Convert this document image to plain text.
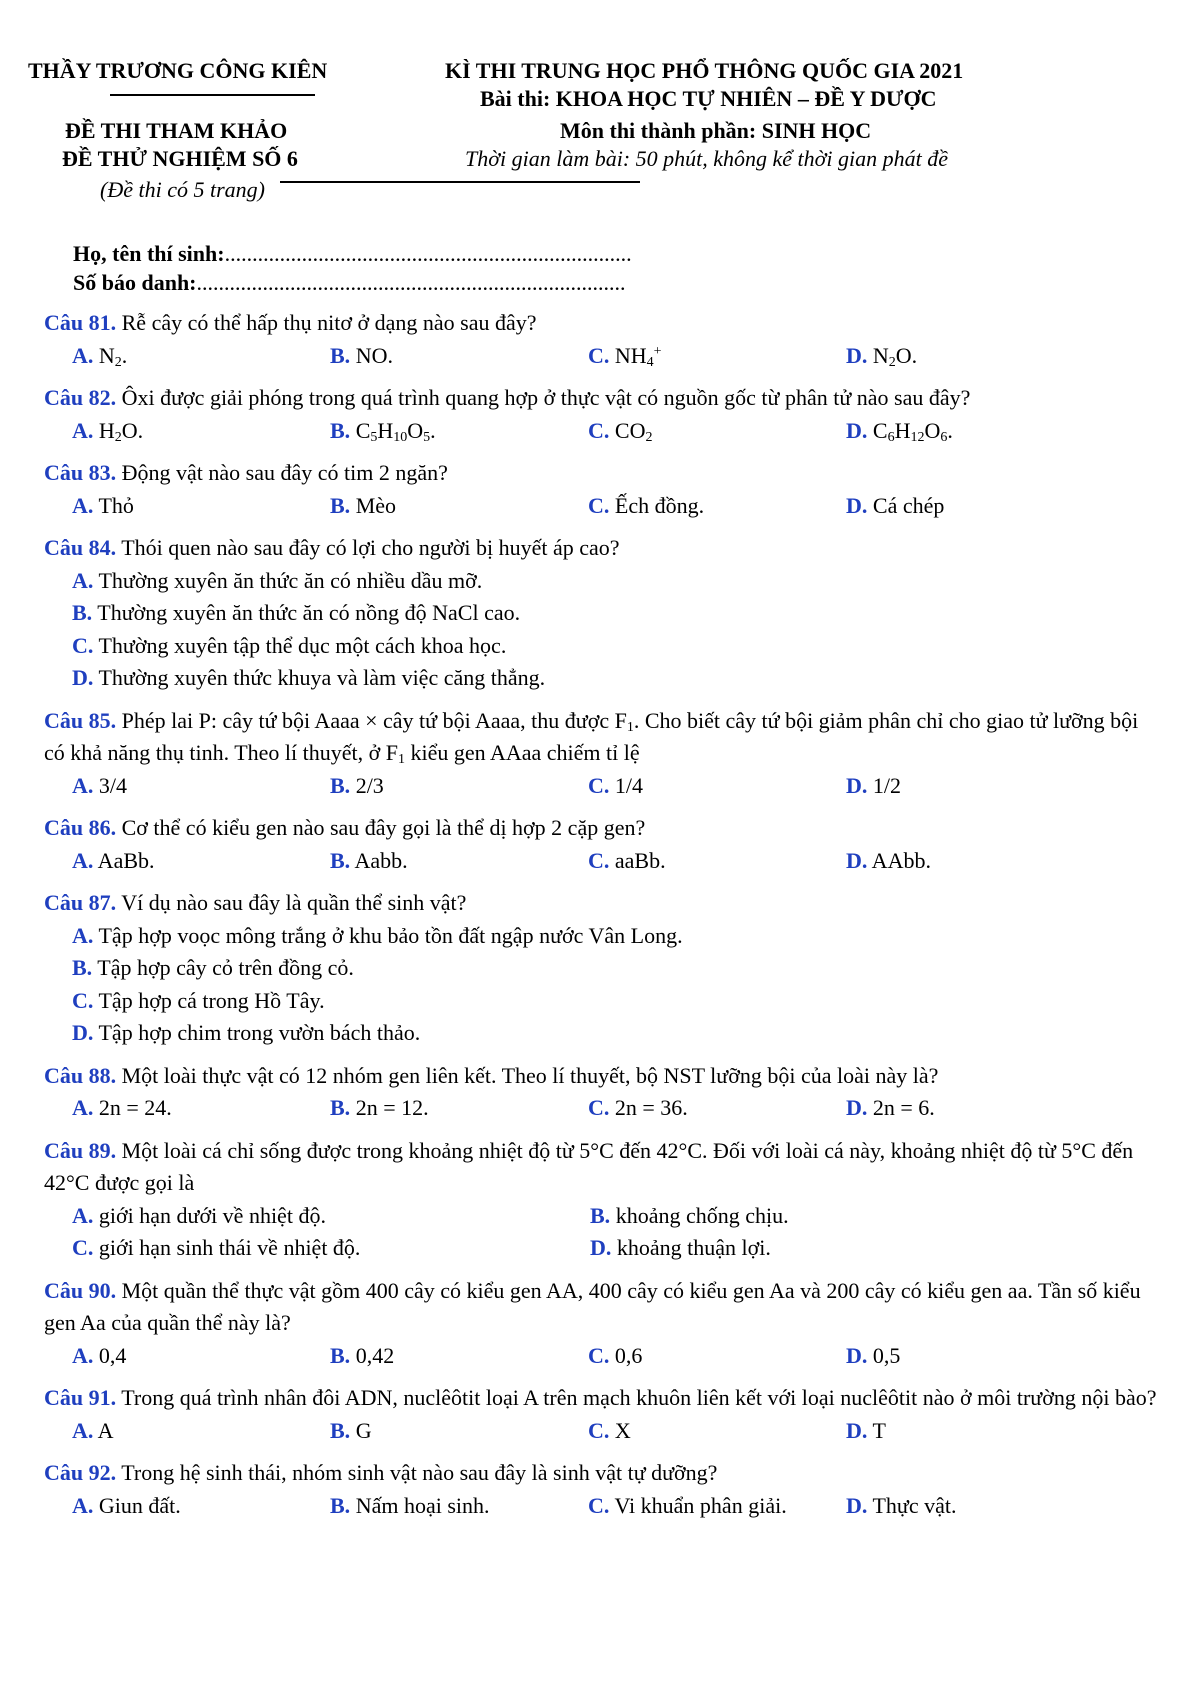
THẦY TRƯƠNG CÔNG KIÊN	KÌ THI TRUNG HỌC PHỔ THÔNG QUỐC GIA 2021
Bài thi: KHOA HỌC TỰ NHIÊN – ĐỀ Y DƯỢC
ĐỀ THI THAM KHẢO	Môn thi thành phần: SINH HỌC
ĐỀ THỬ NGHIỆM SỐ 6	Thời gian làm bài: 50 phút, không kể thời gian phát đề
(Đề thi có 5 trang)
Họ, tên thí sinh:..........................................................................
Số báo danh:..............................................................................
Câu 81. Rễ cây có thể hấp thụ nitơ ở dạng nào sau đây?
A. $N_2$.	B. NO.	C. $NH_4^+$	D. $N_2O$.
Câu 82. Ôxi được giải phóng trong quá trình quang hợp ở thực vật có nguồn gốc từ phân tử nào sau đây?
A. $H_2O$.	B. $C_5H_{10}O_5$.	C. $CO_2$	D. $C_6H_{12}O_6$.
Câu 83. Động vật nào sau đây có tim 2 ngăn?
A. Thỏ	B. Mèo	C. Ếch đồng.	D. Cá chép
Câu 84. Thói quen nào sau đây có lợi cho người bị huyết áp cao?
A. Thường xuyên ăn thức ăn có nhiều dầu mỡ.
B. Thường xuyên ăn thức ăn có nồng độ NaCl cao.
C. Thường xuyên tập thể dục một cách khoa học.
D. Thường xuyên thức khuya và làm việc căng thẳng.
Câu 85. Phép lai P: cây tứ bội Aaaa × cây tứ bội Aaaa, thu được $F_1$. Cho biết cây tứ bội giảm phân chỉ cho giao tử lưỡng bội có khả năng thụ tinh. Theo lí thuyết, ở $F_1$ kiểu gen AAaa chiếm tỉ lệ
A. 3/4	B. 2/3	C. 1/4	D. 1/2
Câu 86. Cơ thể có kiểu gen nào sau đây gọi là thể dị hợp 2 cặp gen?
A. AaBb.	B. Aabb.	C. aaBb.	D. AAbb.
Câu 87. Ví dụ nào sau đây là quần thể sinh vật?
A. Tập hợp voọc mông trắng ở khu bảo tồn đất ngập nước Vân Long.
B. Tập hợp cây cỏ trên đồng cỏ.
C. Tập hợp cá trong Hồ Tây.
D. Tập hợp chim trong vườn bách thảo.
Câu 88. Một loài thực vật có 12 nhóm gen liên kết. Theo lí thuyết, bộ NST lưỡng bội của loài này là?
A. 2n = 24.	B. 2n = 12.	C. 2n = 36.	D. 2n = 6.
Câu 89. Một loài cá chỉ sống được trong khoảng nhiệt độ từ 5°C đến 42°C. Đối với loài cá này, khoảng nhiệt độ từ 5°C đến 42°C được gọi là
A. giới hạn dưới về nhiệt độ.	B. khoảng chống chịu.
C. giới hạn sinh thái về nhiệt độ.	D. khoảng thuận lợi.
Câu 90. Một quần thể thực vật gồm 400 cây có kiểu gen AA, 400 cây có kiểu gen Aa và 200 cây có kiểu gen aa. Tần số kiểu gen Aa của quần thể này là?
A. 0,4	B. 0,42	C. 0,6	D. 0,5
Câu 91. Trong quá trình nhân đôi ADN, nuclêôtit loại A trên mạch khuôn liên kết với loại nuclêôtit nào ở môi trường nội bào?
A. A	B. G	C. X	D. T
Câu 92. Trong hệ sinh thái, nhóm sinh vật nào sau đây là sinh vật tự dưỡng?
A. Giun đất.	B. Nấm hoại sinh.	C. Vi khuẩn phân giải.	D. Thực vật.
